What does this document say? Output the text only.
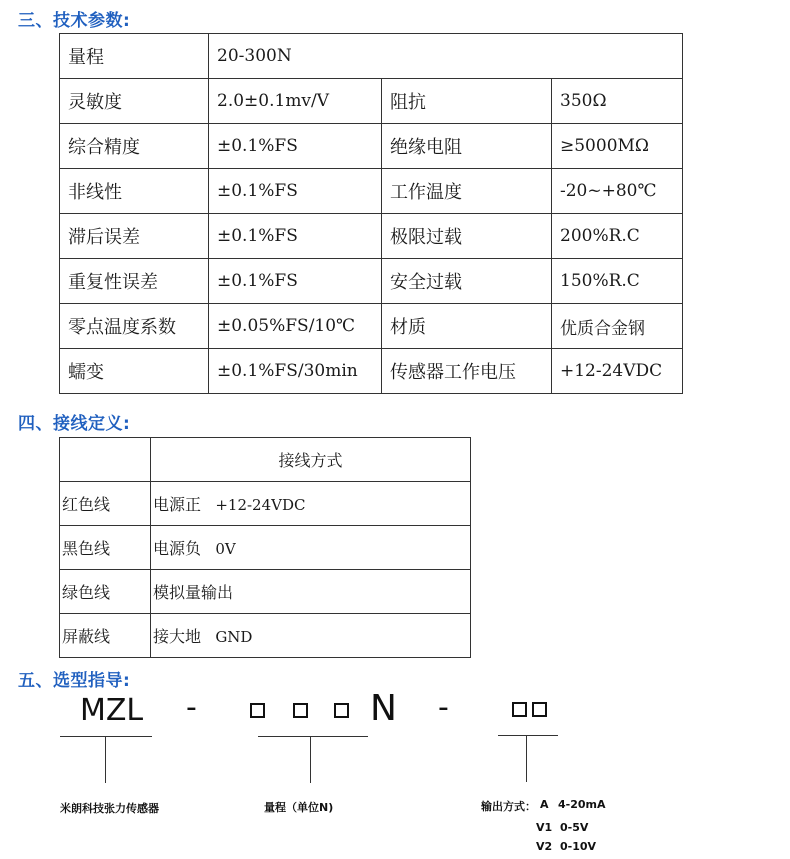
三、技术参数:
量程	20-300N		
灵敏度	2.0±0.1mv/V	阻抗	350Ω
综合精度	±0.1%FS	绝缘电阻	≥5000MΩ
非线性	±0.1%FS	工作温度	-20~+80℃
滞后误差	±0.1%FS	极限过载	200%R.C
重复性误差	±0.1%FS	安全过载	150%R.C
零点温度系数	±0.05%FS/10℃	材质	优质合金钢
蠕变	±0.1%FS/30min	传感器工作电压	+12-24VDC
四、接线定义:
	接线方式
红色线	电源正 +12-24VDC
黑色线	电源负 0V
绿色线	模拟量输出
屏蔽线	接大地 GND
五、选型指导:
MZL -	N -
米朗科技张力传感器	量程（单位N)	输出方式： A 4-20mA
V1 0-5V
V2 0-10V
